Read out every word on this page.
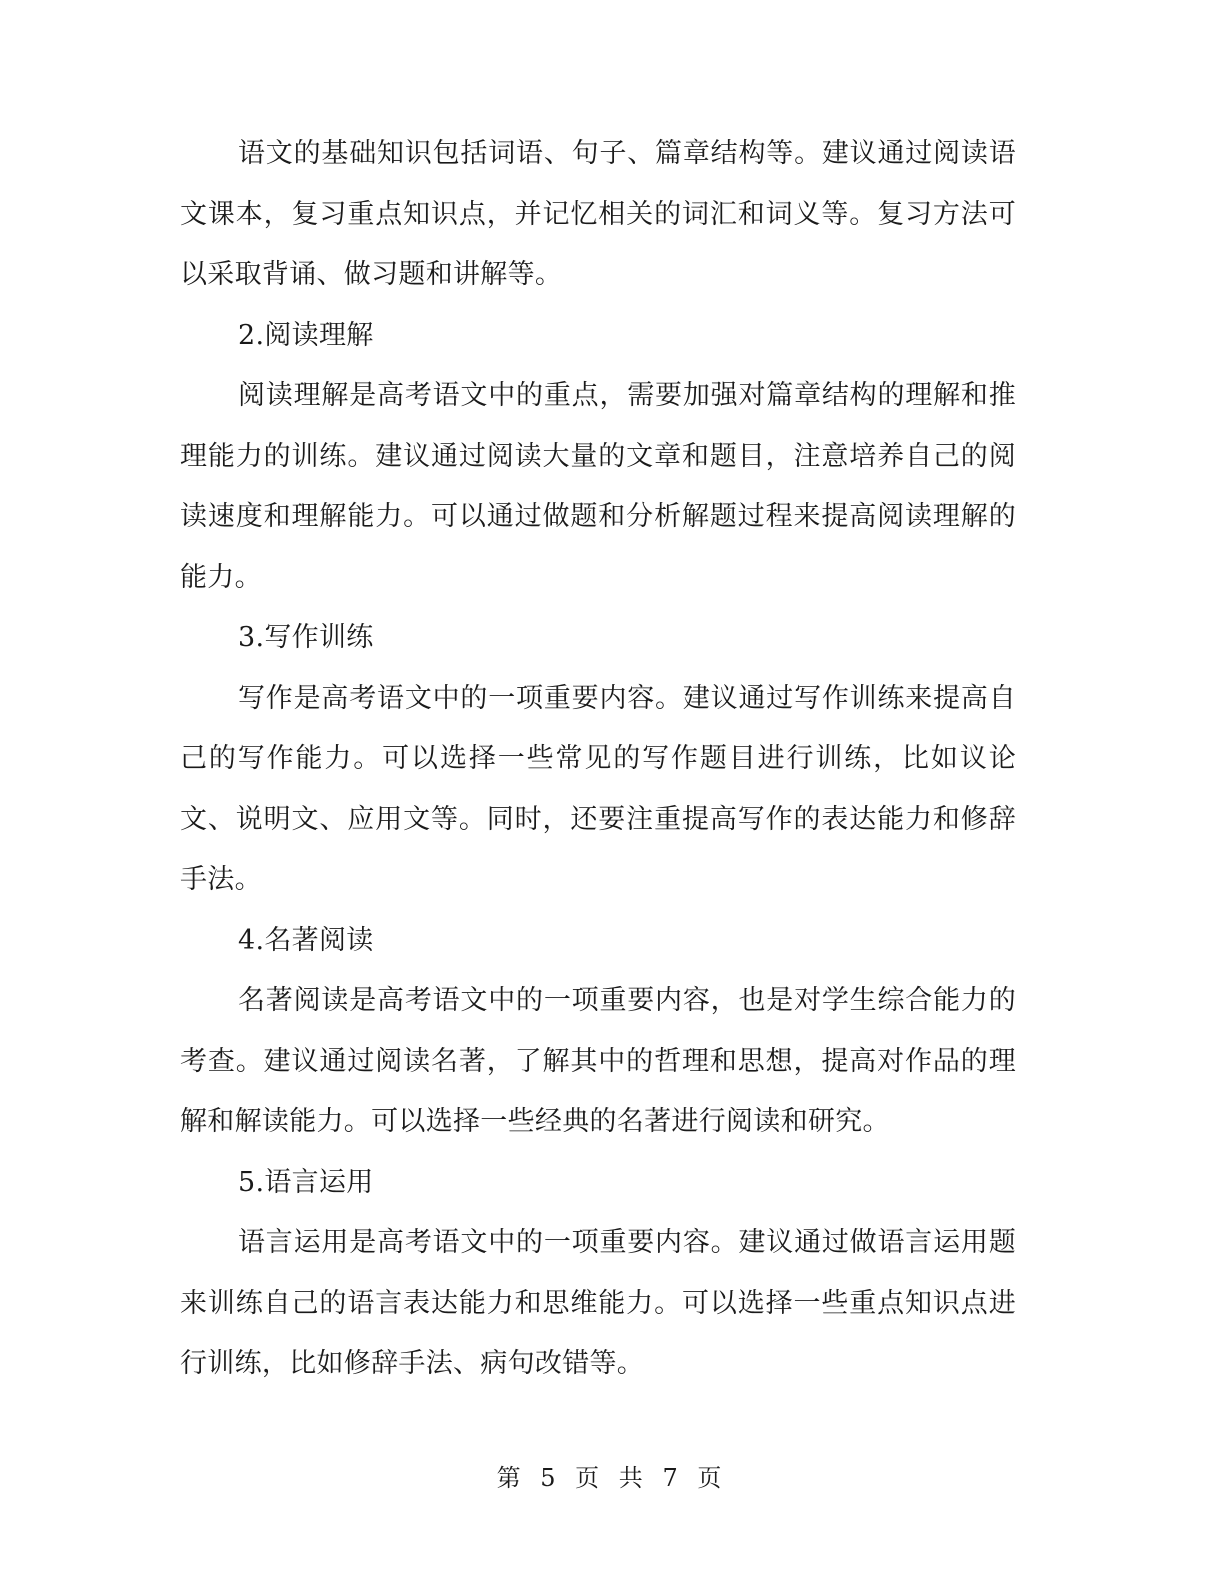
语文的基础知识包括词语、句子、篇章结构等。建议通过阅读语文课本，复习重点知识点，并记忆相关的词汇和词义等。复习方法可以采取背诵、做习题和讲解等。

2.阅读理解

阅读理解是高考语文中的重点，需要加强对篇章结构的理解和推理能力的训练。建议通过阅读大量的文章和题目，注意培养自己的阅读速度和理解能力。可以通过做题和分析解题过程来提高阅读理解的能力。

3.写作训练

写作是高考语文中的一项重要内容。建议通过写作训练来提高自己的写作能力。可以选择一些常见的写作题目进行训练，比如议论文、说明文、应用文等。同时，还要注重提高写作的表达能力和修辞手法。

4.名著阅读

名著阅读是高考语文中的一项重要内容，也是对学生综合能力的考查。建议通过阅读名著，了解其中的哲理和思想，提高对作品的理解和解读能力。可以选择一些经典的名著进行阅读和研究。

5.语言运用

语言运用是高考语文中的一项重要内容。建议通过做语言运用题来训练自己的语言表达能力和思维能力。可以选择一些重点知识点进行训练，比如修辞手法、病句改错等。

第 5 页 共 7 页
